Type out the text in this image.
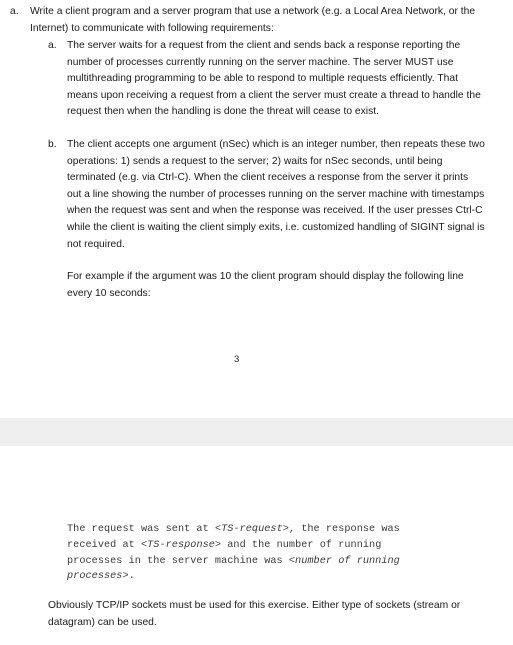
a. Write a client program and a server program that use a network (e.g. a Local Area Network, or the Internet) to communicate with following requirements:

a. The server waits for a request from the client and sends back a response reporting the number of processes currently running on the server machine. The server MUST use multithreading programming to be able to respond to multiple requests efficiently. That means upon receiving a request from a client the server must create a thread to handle the request then when the handling is done the threat will cease to exist.

b. The client accepts one argument (nSec) which is an integer number, then repeats these two operations: 1) sends a request to the server; 2) waits for nSec seconds, until being terminated (e.g. via Ctrl-C). When the client receives a response from the server it prints out a line showing the number of processes running on the server machine with timestamps when the request was sent and when the response was received. If the user presses Ctrl-C while the client is waiting the client simply exits, i.e. customized handling of SIGINT signal is not required.

For example if the argument was 10 the client program should display the following line every 10 seconds:

3
The request was sent at <TS-request>, the response was
received at <TS-response> and the number of running
processes in the server machine was <number of running
processes>.

Obviously TCP/IP sockets must be used for this exercise. Either type of sockets (stream or datagram) can be used.
